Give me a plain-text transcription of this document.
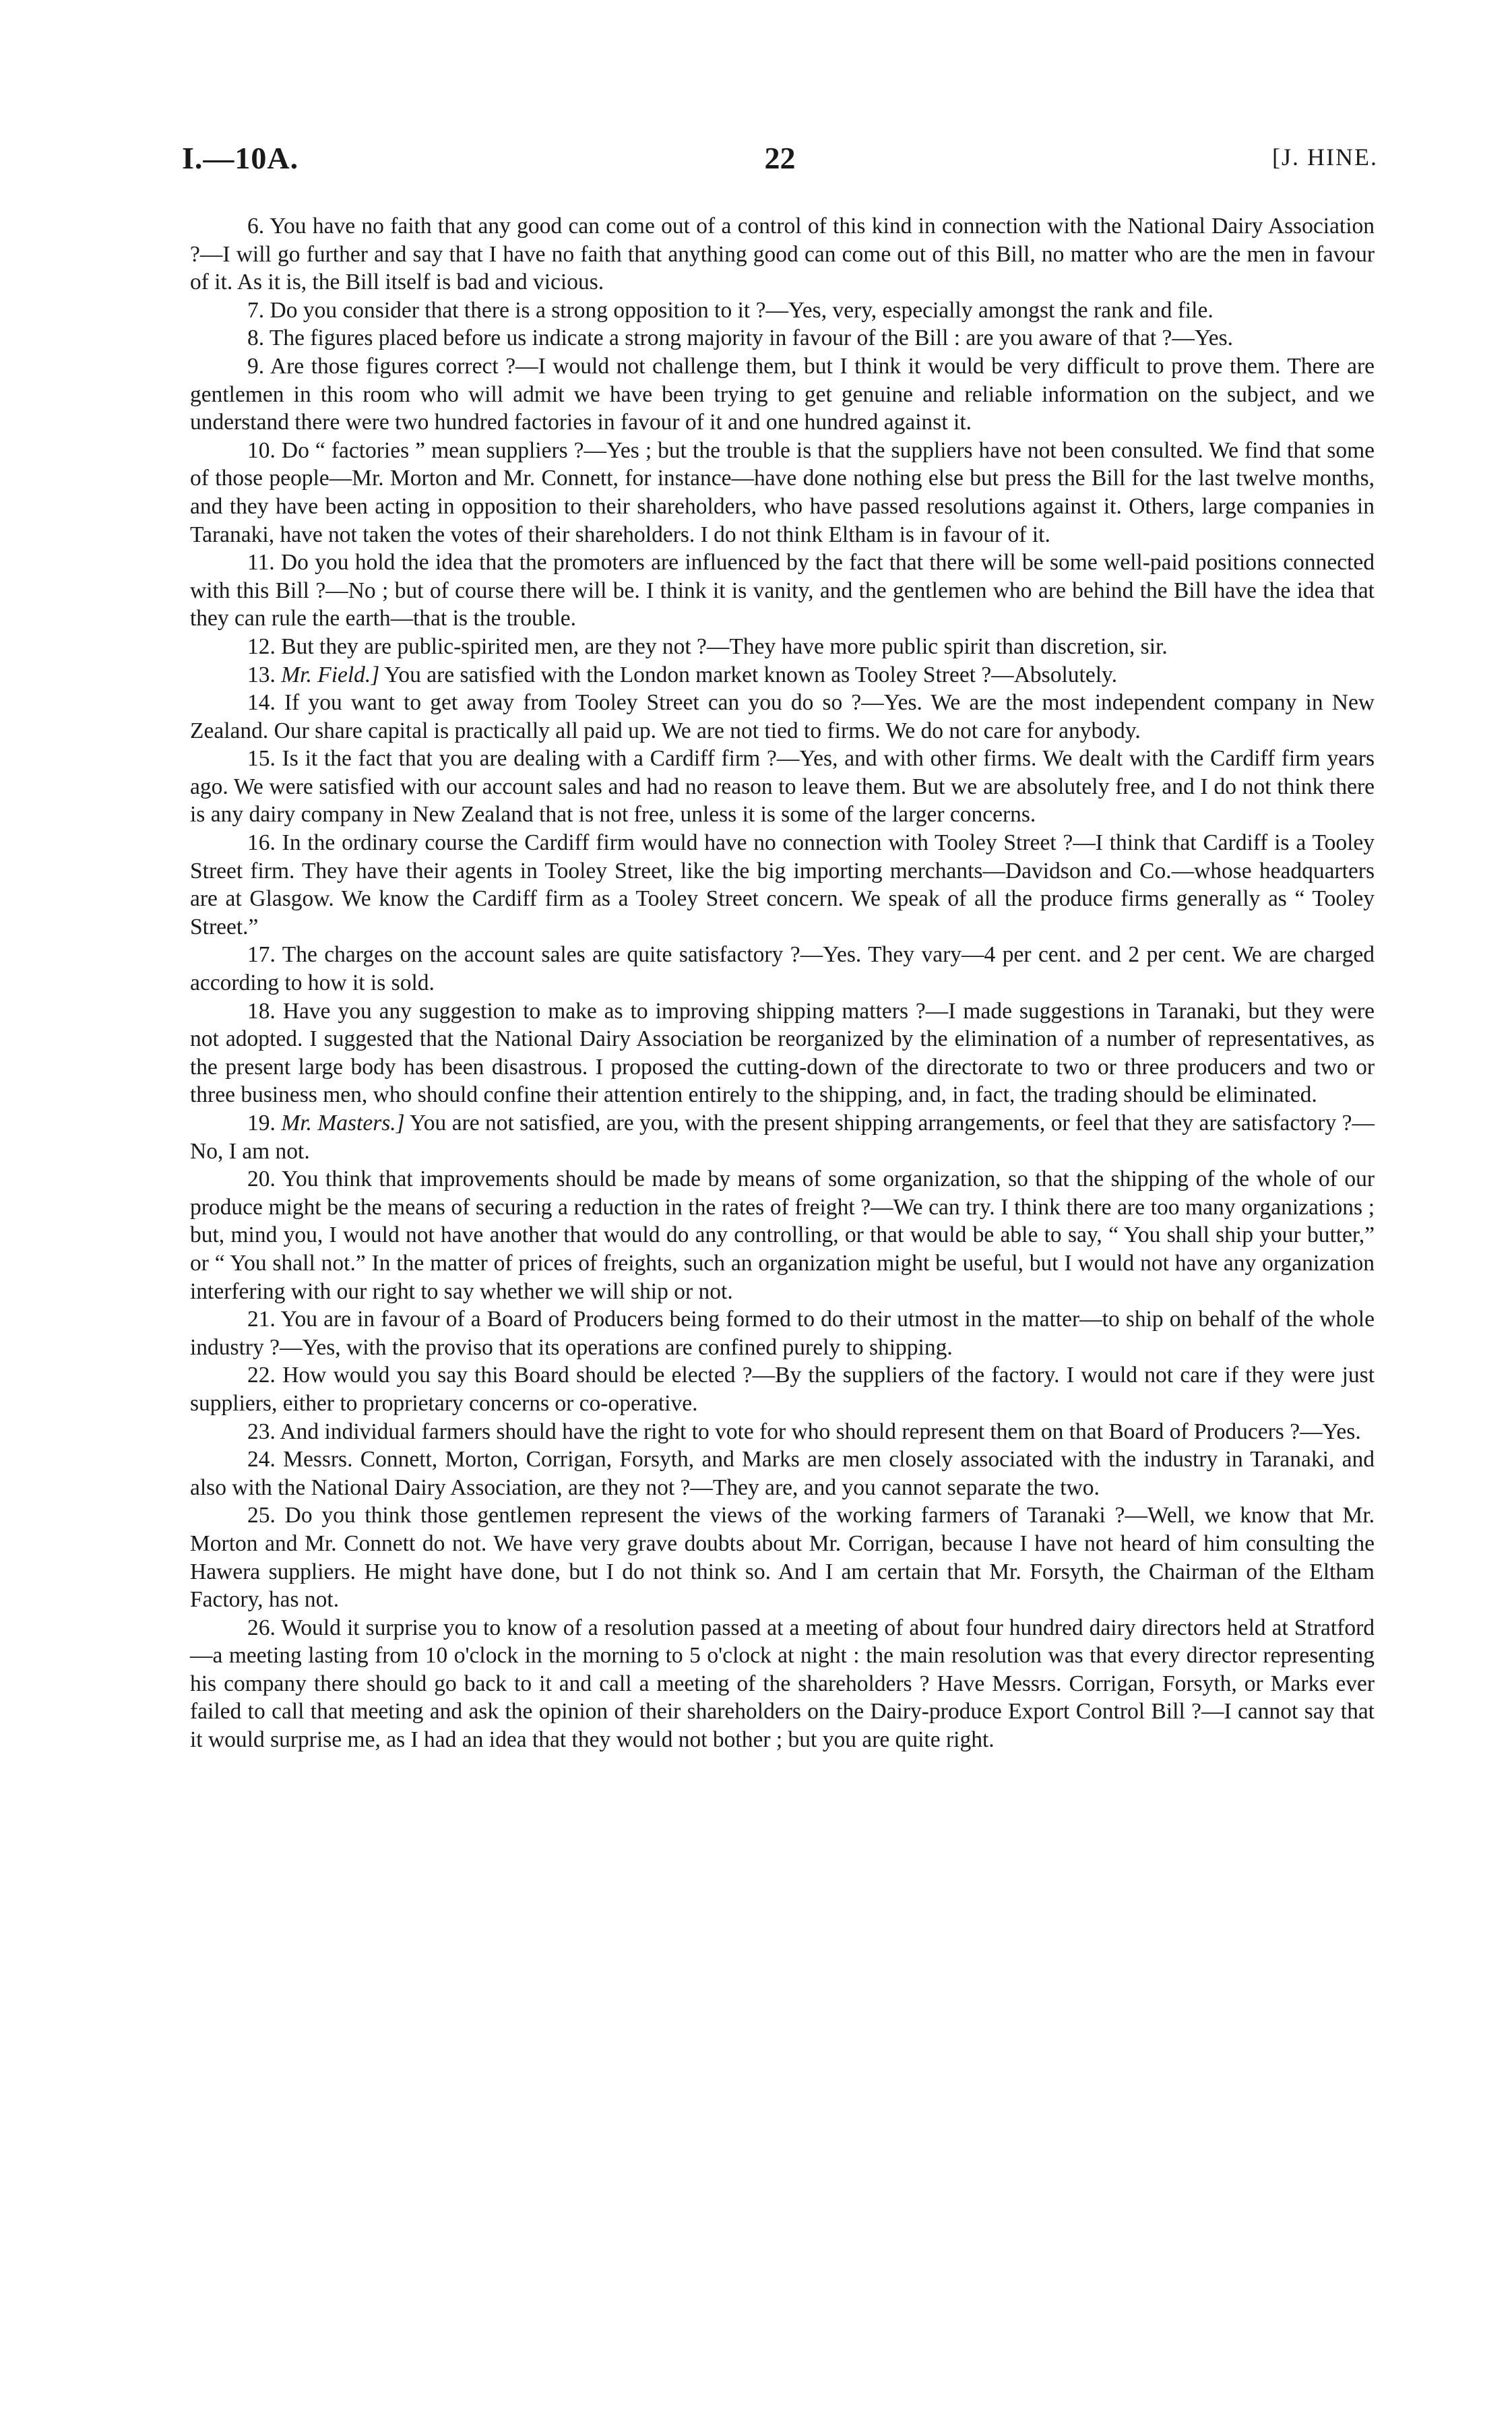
22
I.—10A.	[J. HINE.

6. You have no faith that any good can come out of a control of this kind in connection with the National Dairy Association ?—I will go further and say that I have no faith that anything good can come out of this Bill, no matter who are the men in favour of it. As it is, the Bill itself is bad and vicious.

7. Do you consider that there is a strong opposition to it ?—Yes, very, especially amongst the rank and file.

8. The figures placed before us indicate a strong majority in favour of the Bill : are you aware of that ?—Yes.

9. Are those figures correct ?—I would not challenge them, but I think it would be very difficult to prove them. There are gentlemen in this room who will admit we have been trying to get genuine and reliable information on the subject, and we understand there were two hundred factories in favour of it and one hundred against it.

10. Do “ factories ” mean suppliers ?—Yes ; but the trouble is that the suppliers have not been consulted. We find that some of those people—Mr. Morton and Mr. Connett, for instance—have done nothing else but press the Bill for the last twelve months, and they have been acting in opposition to their shareholders, who have passed resolutions against it. Others, large companies in Taranaki, have not taken the votes of their shareholders. I do not think Eltham is in favour of it.

11. Do you hold the idea that the promoters are influenced by the fact that there will be some well-paid positions connected with this Bill ?—No ; but of course there will be. I think it is vanity, and the gentlemen who are behind the Bill have the idea that they can rule the earth—that is the trouble.

12. But they are public-spirited men, are they not ?—They have more public spirit than discretion, sir.

13. Mr. Field.] You are satisfied with the London market known as Tooley Street ?—Absolutely.

14. If you want to get away from Tooley Street can you do so ?—Yes. We are the most independent company in New Zealand. Our share capital is practically all paid up. We are not tied to firms. We do not care for anybody.

15. Is it the fact that you are dealing with a Cardiff firm ?—Yes, and with other firms. We dealt with the Cardiff firm years ago. We were satisfied with our account sales and had no reason to leave them. But we are absolutely free, and I do not think there is any dairy company in New Zealand that is not free, unless it is some of the larger concerns.

16. In the ordinary course the Cardiff firm would have no connection with Tooley Street ?—I think that Cardiff is a Tooley Street firm. They have their agents in Tooley Street, like the big importing merchants—Davidson and Co.—whose headquarters are at Glasgow. We know the Cardiff firm as a Tooley Street concern. We speak of all the produce firms generally as “ Tooley Street.”

17. The charges on the account sales are quite satisfactory ?—Yes. They vary—4 per cent. and 2 per cent. We are charged according to how it is sold.

18. Have you any suggestion to make as to improving shipping matters ?—I made suggestions in Taranaki, but they were not adopted. I suggested that the National Dairy Association be reorganized by the elimination of a number of representatives, as the present large body has been disastrous. I proposed the cutting-down of the directorate to two or three producers and two or three business men, who should confine their attention entirely to the shipping, and, in fact, the trading should be eliminated.

19. Mr. Masters.] You are not satisfied, are you, with the present shipping arrangements, or feel that they are satisfactory ?—No, I am not.

20. You think that improvements should be made by means of some organization, so that the shipping of the whole of our produce might be the means of securing a reduction in the rates of freight ?—We can try. I think there are too many organizations ; but, mind you, I would not have another that would do any controlling, or that would be able to say, “ You shall ship your butter,” or “ You shall not.” In the matter of prices of freights, such an organization might be useful, but I would not have any organization interfering with our right to say whether we will ship or not.

21. You are in favour of a Board of Producers being formed to do their utmost in the matter—to ship on behalf of the whole industry ?—Yes, with the proviso that its operations are confined purely to shipping.

22. How would you say this Board should be elected ?—By the suppliers of the factory. I would not care if they were just suppliers, either to proprietary concerns or co-operative.

23. And individual farmers should have the right to vote for who should represent them on that Board of Producers ?—Yes.

24. Messrs. Connett, Morton, Corrigan, Forsyth, and Marks are men closely associated with the industry in Taranaki, and also with the National Dairy Association, are they not ?—They are, and you cannot separate the two.

25. Do you think those gentlemen represent the views of the working farmers of Taranaki ?—Well, we know that Mr. Morton and Mr. Connett do not. We have very grave doubts about Mr. Corrigan, because I have not heard of him consulting the Hawera suppliers. He might have done, but I do not think so. And I am certain that Mr. Forsyth, the Chairman of the Eltham Factory, has not.

26. Would it surprise you to know of a resolution passed at a meeting of about four hundred dairy directors held at Stratford—a meeting lasting from 10 o'clock in the morning to 5 o'clock at night : the main resolution was that every director representing his company there should go back to it and call a meeting of the shareholders ? Have Messrs. Corrigan, Forsyth, or Marks ever failed to call that meeting and ask the opinion of their shareholders on the Dairy-produce Export Control Bill ?—I cannot say that it would surprise me, as I had an idea that they would not bother ; but you are quite right.
